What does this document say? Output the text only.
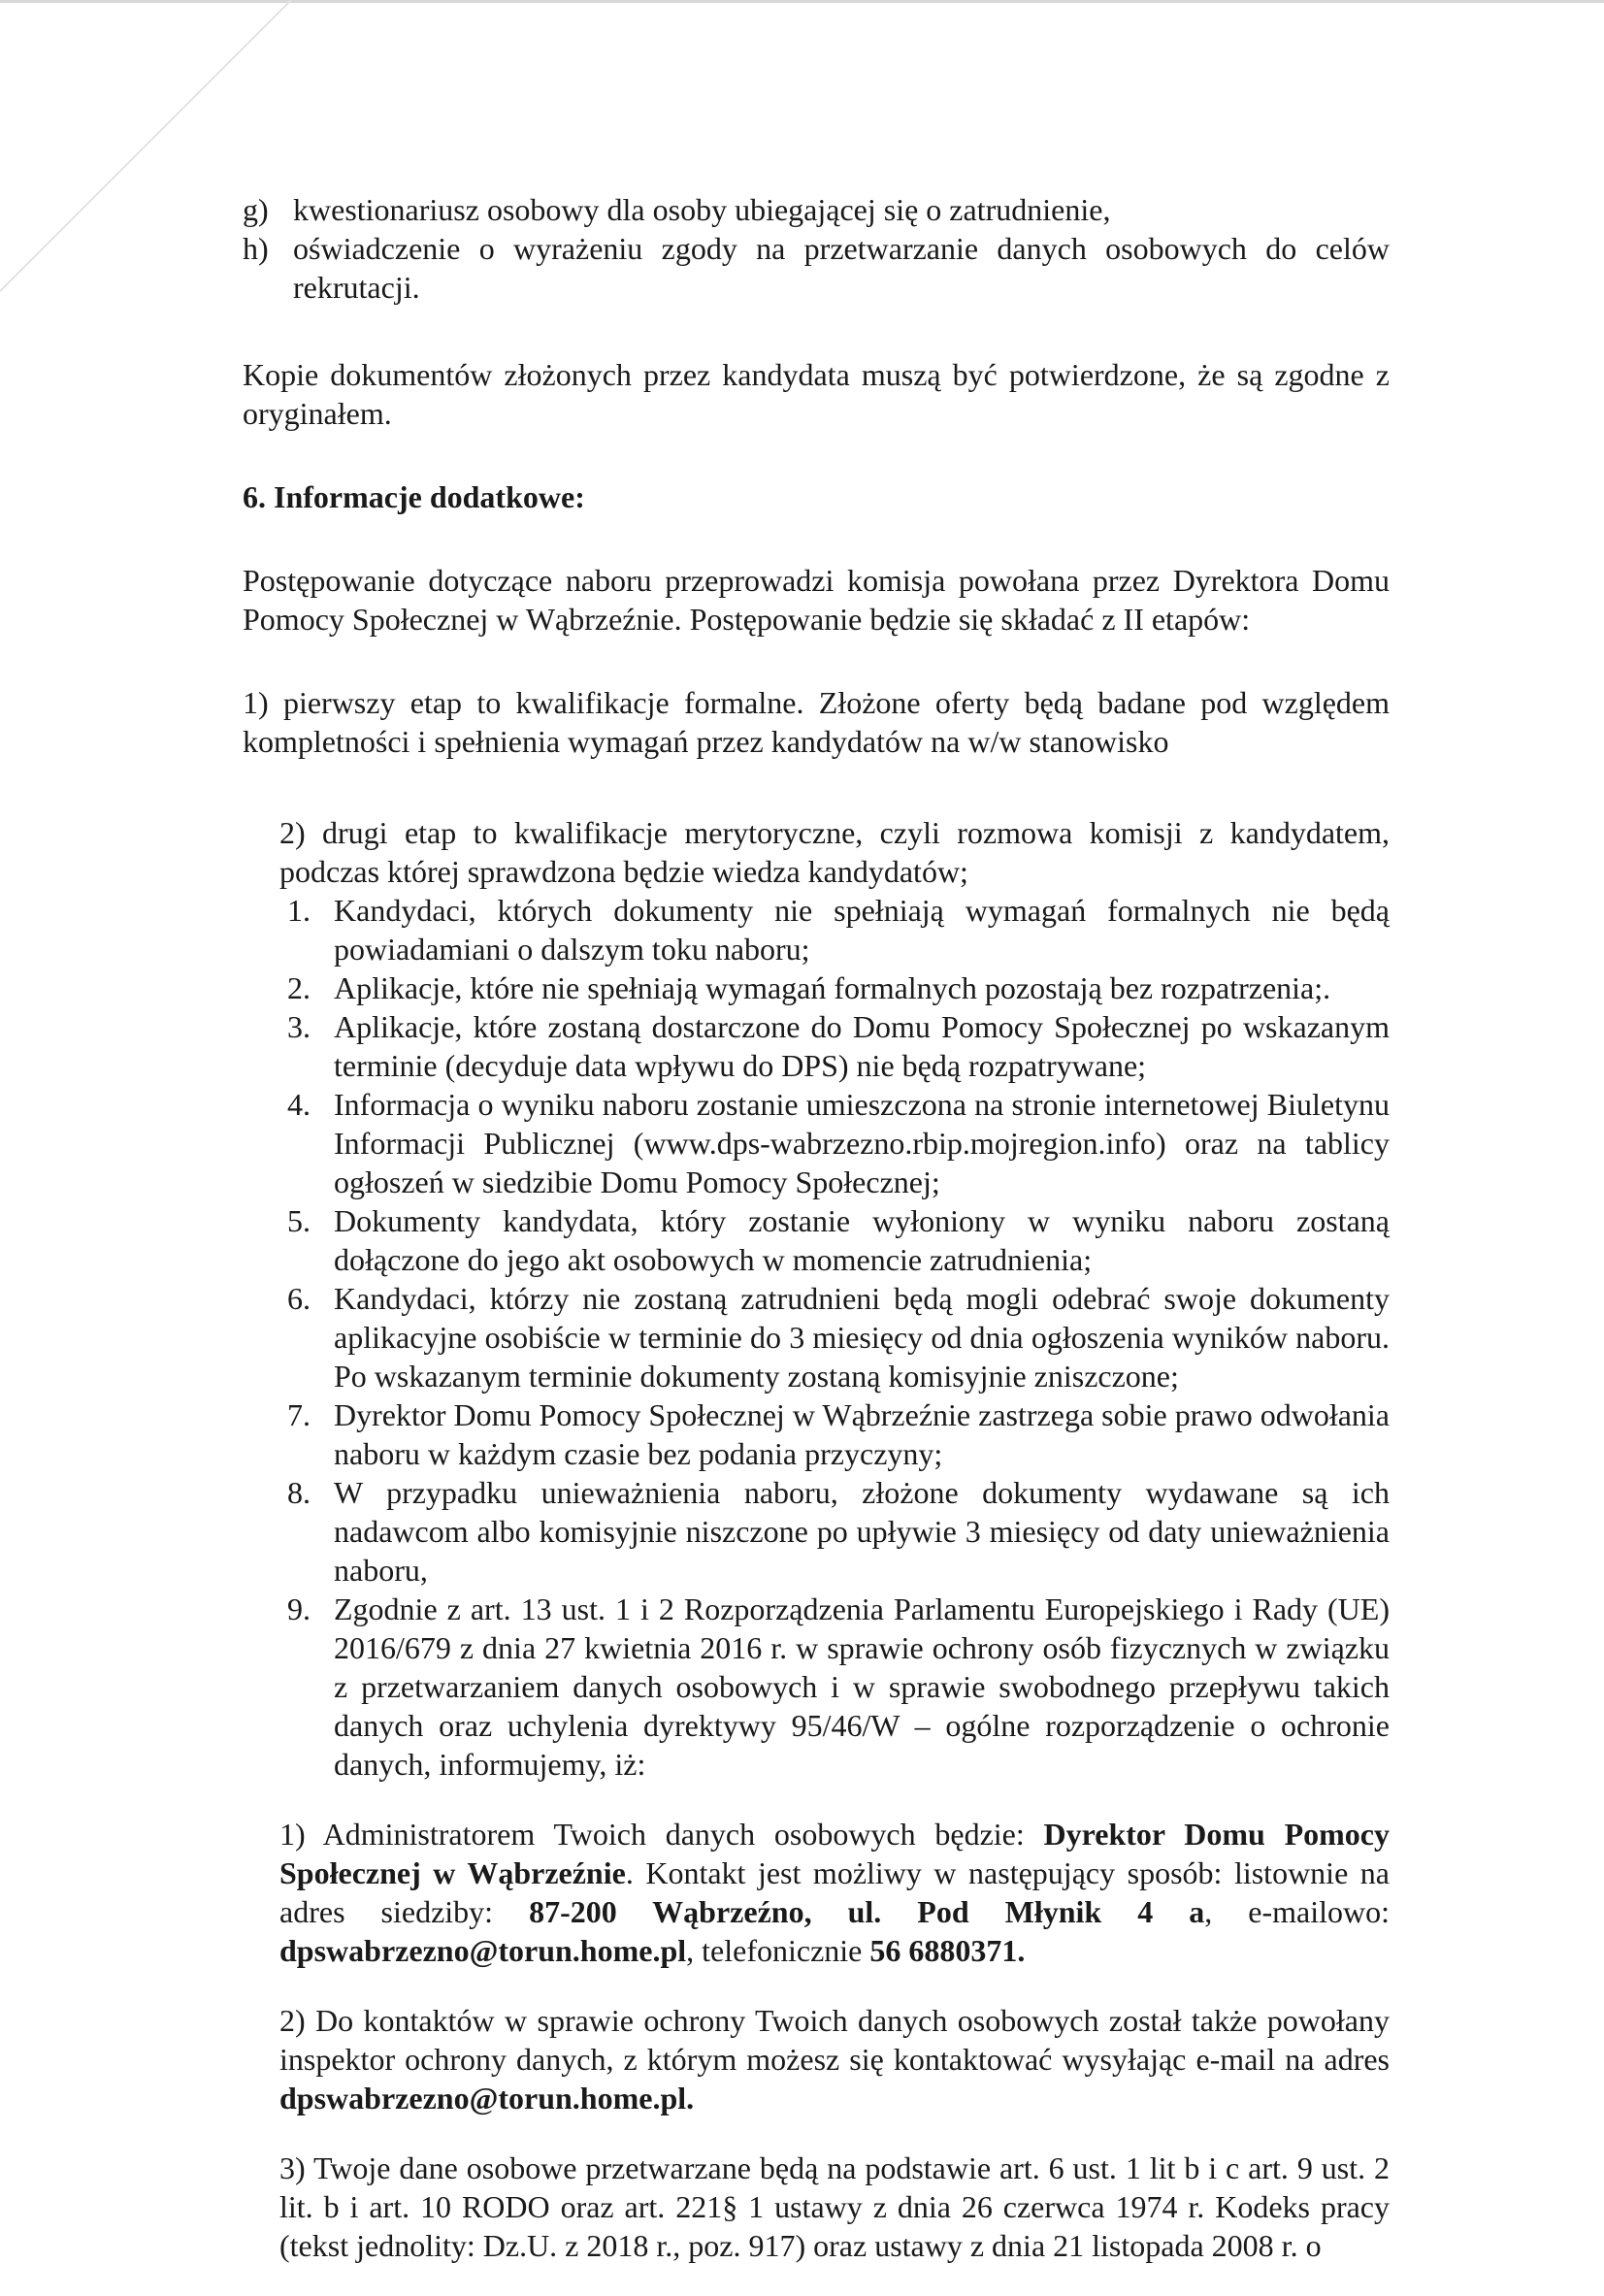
g) kwestionariusz osobowy dla osoby ubiegającej się o zatrudnienie,
h) oświadczenie o wyrażeniu zgody na przetwarzanie danych osobowych do celów rekrutacji.

Kopie dokumentów złożonych przez kandydata muszą być potwierdzone, że są zgodne z oryginałem.

6. Informacje dodatkowe:

Postępowanie dotyczące naboru przeprowadzi komisja powołana przez Dyrektora Domu Pomocy Społecznej w Wąbrzeźnie. Postępowanie będzie się składać z II etapów:

1) pierwszy etap to kwalifikacje formalne. Złożone oferty będą badane pod względem kompletności i spełnienia wymagań przez kandydatów na w/w stanowisko

2) drugi etap to kwalifikacje merytoryczne, czyli rozmowa komisji z kandydatem, podczas której sprawdzona będzie wiedza kandydatów;

1. Kandydaci, których dokumenty nie spełniają wymagań formalnych nie będą powiadamiani o dalszym toku naboru;
2. Aplikacje, które nie spełniają wymagań formalnych pozostają bez rozpatrzenia;.
3. Aplikacje, które zostaną dostarczone do Domu Pomocy Społecznej po wskazanym terminie (decyduje data wpływu do DPS) nie będą rozpatrywane;
4. Informacja o wyniku naboru zostanie umieszczona na stronie internetowej Biuletynu Informacji Publicznej (www.dps-wabrzezno.rbip.mojregion.info) oraz na tablicy ogłoszeń w siedzibie Domu Pomocy Społecznej;
5. Dokumenty kandydata, który zostanie wyłoniony w wyniku naboru zostaną dołączone do jego akt osobowych w momencie zatrudnienia;
6. Kandydaci, którzy nie zostaną zatrudnieni będą mogli odebrać swoje dokumenty aplikacyjne osobiście w terminie do 3 miesięcy od dnia ogłoszenia wyników naboru. Po wskazanym terminie dokumenty zostaną komisyjnie zniszczone;
7. Dyrektor Domu Pomocy Społecznej w Wąbrzeźnie zastrzega sobie prawo odwołania naboru w każdym czasie bez podania przyczyny;
8. W przypadku unieważnienia naboru, złożone dokumenty wydawane są ich nadawcom albo komisyjnie niszczone po upływie 3 miesięcy od daty unieważnienia naboru,
9. Zgodnie z art. 13 ust. 1 i 2 Rozporządzenia Parlamentu Europejskiego i Rady (UE) 2016/679 z dnia 27 kwietnia 2016 r. w sprawie ochrony osób fizycznych w związku z przetwarzaniem danych osobowych i w sprawie swobodnego przepływu takich danych oraz uchylenia dyrektywy 95/46/W – ogólne rozporządzenie o ochronie danych, informujemy, iż:

1) Administratorem Twoich danych osobowych będzie: Dyrektor Domu Pomocy Społecznej w Wąbrzeźnie. Kontakt jest możliwy w następujący sposób: listownie na adres siedziby: 87-200 Wąbrzeźno, ul. Pod Młynik 4 a, e-mailowo: dpswabrzezno@torun.home.pl, telefonicznie 56 6880371.

2) Do kontaktów w sprawie ochrony Twoich danych osobowych został także powołany inspektor ochrony danych, z którym możesz się kontaktować wysyłając e-mail na adres dpswabrzezno@torun.home.pl.

3) Twoje dane osobowe przetwarzane będą na podstawie art. 6 ust. 1 lit b i c art. 9 ust. 2 lit. b i art. 10 RODO oraz art. 221§ 1 ustawy z dnia 26 czerwca 1974 r. Kodeks pracy (tekst jednolity: Dz.U. z 2018 r., poz. 917) oraz ustawy z dnia 21 listopada 2008 r. o
